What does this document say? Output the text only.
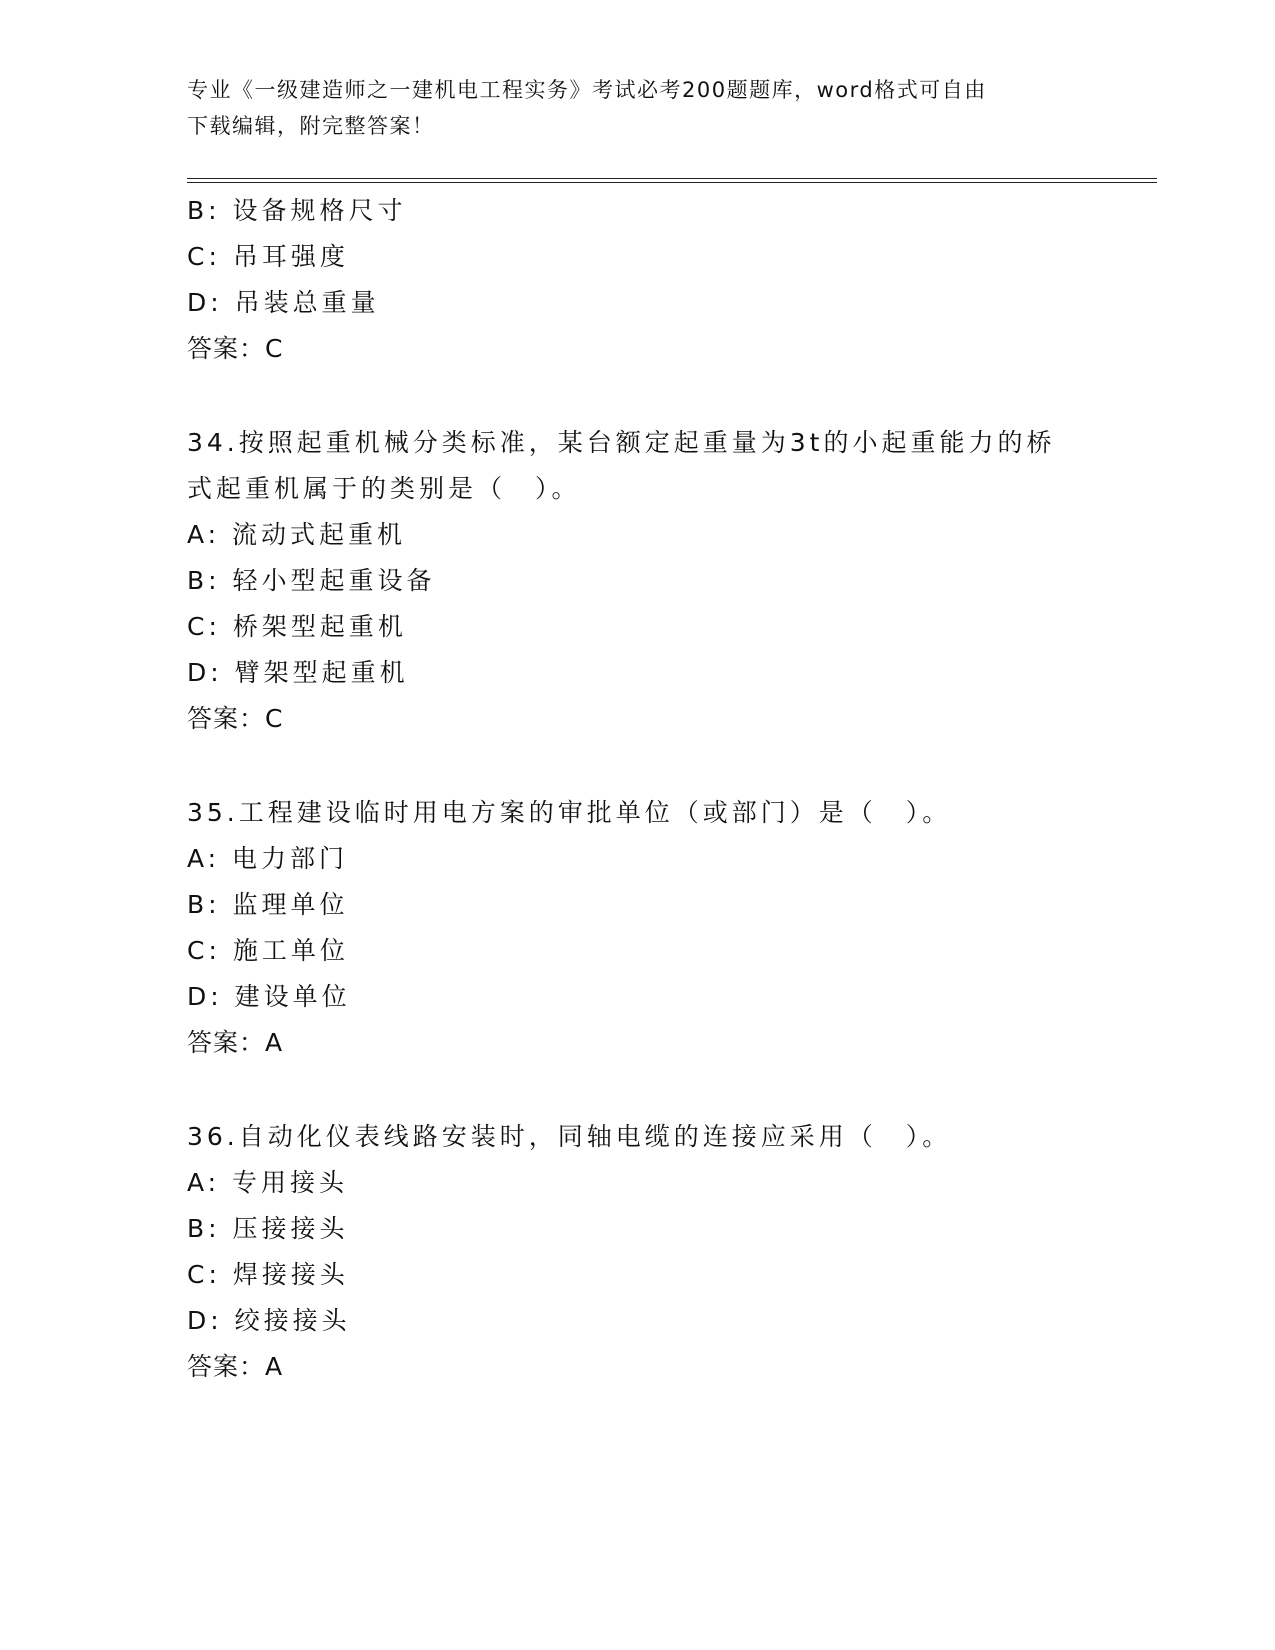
专业《一级建造师之一建机电工程实务》考试必考200题题库，word格式可自由
下载编辑，附完整答案！
B: 设备规格尺寸
C: 吊耳强度
D: 吊装总重量
答案：C
34.按照起重机械分类标准，某台额定起重量为3t的小起重能力的桥
式起重机属于的类别是（　）。
A: 流动式起重机
B: 轻小型起重设备
C: 桥架型起重机
D: 臂架型起重机
答案：C
35.工程建设临时用电方案的审批单位（或部门）是（　）。
A: 电力部门
B: 监理单位
C: 施工单位
D: 建设单位
答案：A
36.自动化仪表线路安装时，同轴电缆的连接应采用（　）。
A: 专用接头
B: 压接接头
C: 焊接接头
D: 绞接接头
答案：A
